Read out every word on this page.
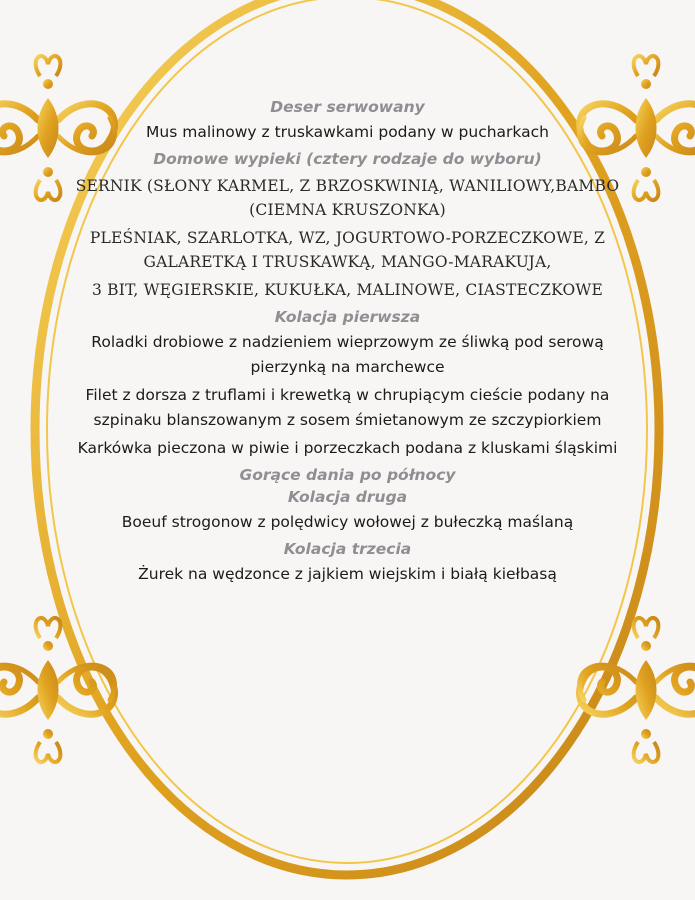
Deser serwowany

Mus malinowy z truskawkami podany w pucharkach

Domowe wypieki (cztery rodzaje do wyboru)

SERNIK (SŁONY KARMEL, Z BRZOSKWINIĄ, WANILIOWY,BAMBO (CIEMNA KRUSZONKA)

PLEŚNIAK, SZARLOTKA, WZ, JOGURTOWO-PORZECZKOWE, Z GALARETKĄ I TRUSKAWKĄ, MANGO-MARAKUJA,

3 BIT, WĘGIERSKIE, KUKUŁKA, MALINOWE, CIASTECZKOWE

Kolacja pierwsza

Roladki drobiowe z nadzieniem wieprzowym ze śliwką pod serową pierzynką na marchewce

Filet z dorsza z truflami i krewetką w chrupiącym cieście podany na szpinaku blanszowanym z sosem śmietanowym ze szczypiorkiem

Karkówka pieczona w piwie i porzeczkach podana z kluskami śląskimi

Gorące dania po północy

Kolacja druga

Boeuf strogonow z polędwicy wołowej z bułeczką maślaną

Kolacja trzecia

Żurek na wędzonce z jajkiem wiejskim i białą kiełbasą
